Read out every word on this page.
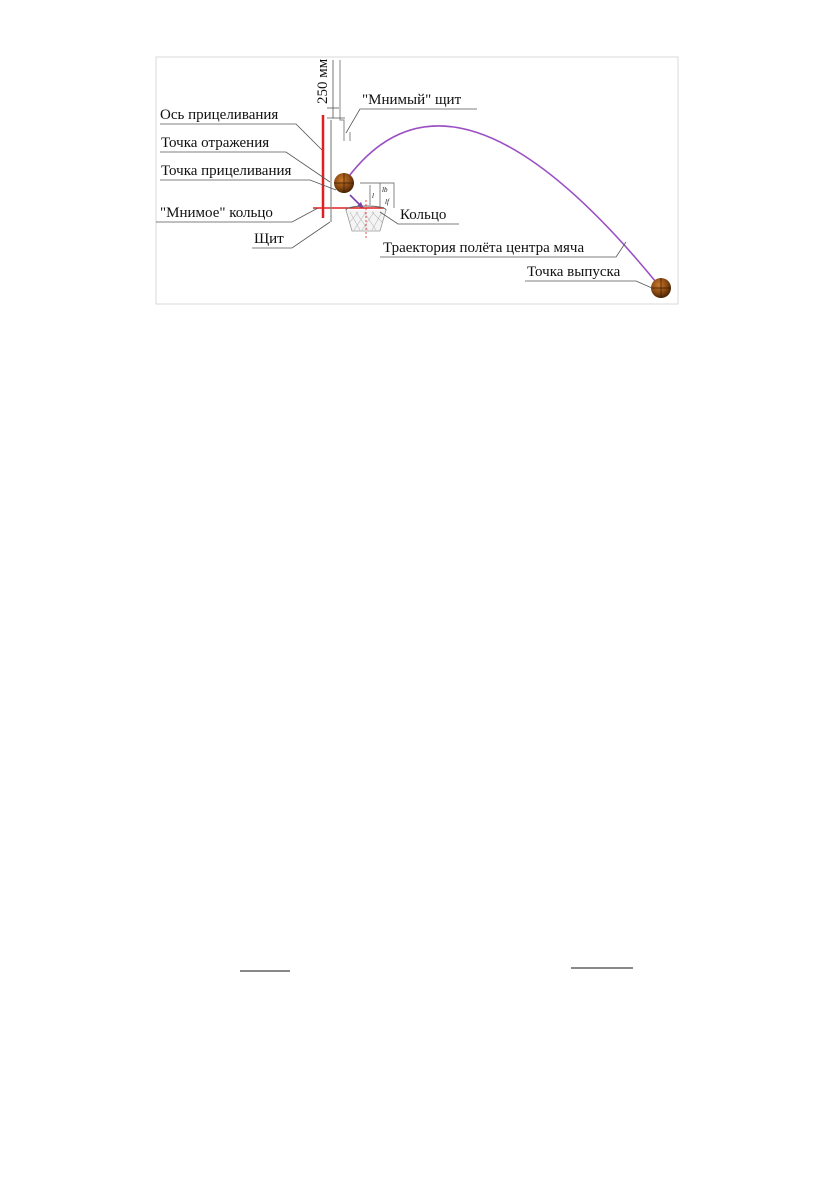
250 мм
l
lb
lf
Ось прицеливания
Точка отражения
Точка прицеливания
"Мнимое" кольцо
Щит
"Мнимый" щит
Кольцо
Траектория полёта центра мяча
Точка выпуска
